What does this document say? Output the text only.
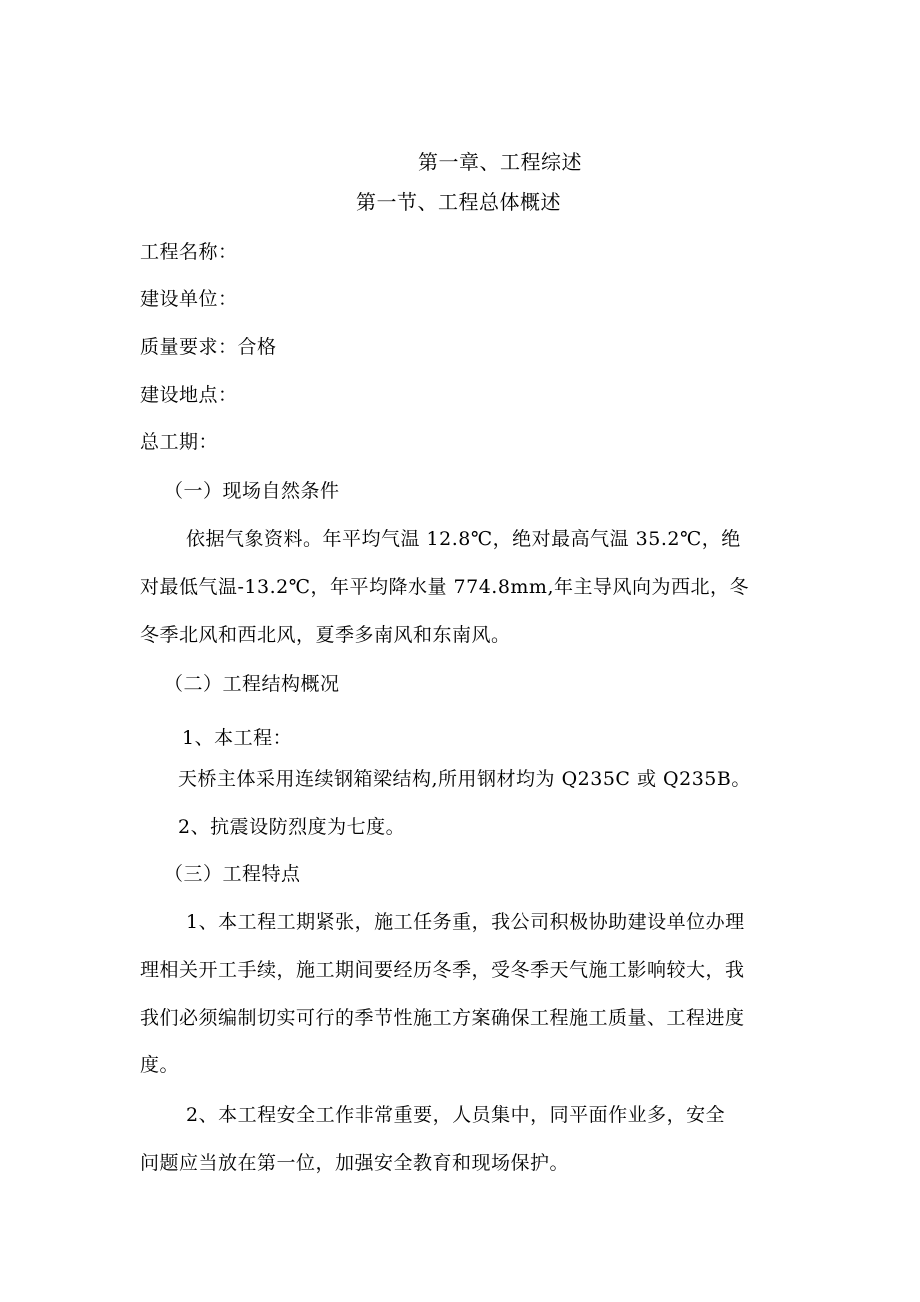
第一章、工程综述
第一节、工程总体概述
工程名称：
建设单位：
质量要求：合格
建设地点：
总工期：
（一）现场自然条件
依据气象资料。年平均气温 12.8℃，绝对最高气温 35.2℃，绝
对最低气温-13.2℃，年平均降水量 774.8mm,年主导风向为西北，冬
冬季北风和西北风，夏季多南风和东南风。
（二）工程结构概况
1、本工程：
天桥主体采用连续钢箱梁结构,所用钢材均为 Q235C 或 Q235B。
2、抗震设防烈度为七度。
（三）工程特点
1、本工程工期紧张，施工任务重，我公司积极协助建设单位办理
理相关开工手续，施工期间要经历冬季，受冬季天气施工影响较大，我
我们必须编制切实可行的季节性施工方案确保工程施工质量、工程进度
度。
2、本工程安全工作非常重要，人员集中，同平面作业多，安全
问题应当放在第一位，加强安全教育和现场保护。
